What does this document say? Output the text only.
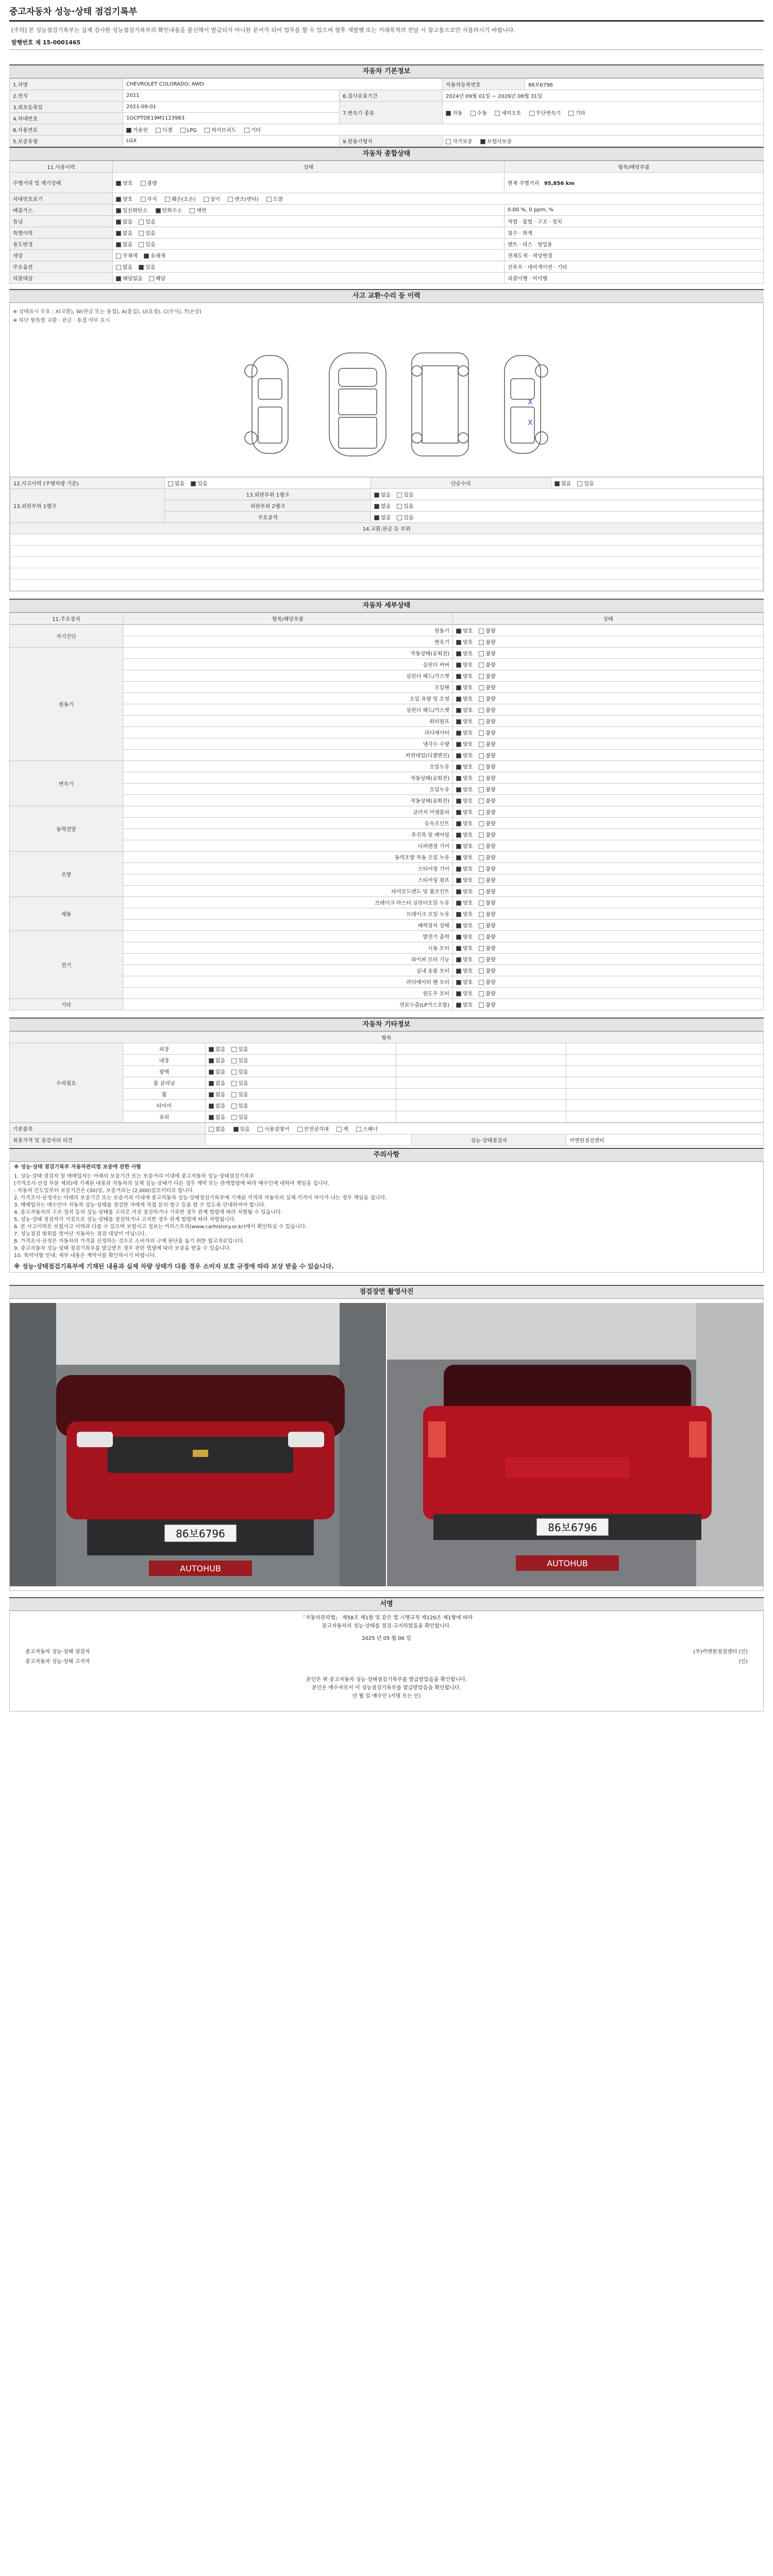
중고자동차 성능·상태 점검기록부
[주의] 본 성능점검기록부는 실제 검사한 성능점검기록부의 확인내용을 불신해서 발급되지 아니한 문서가 되어 업무를 할 수 있으며 향후 재발행 또는 거래목적의 전달 시 참고용으로만 사용하시기 바랍니다.
발행번호 제 15-0001465
자동차 기본정보
1.차명	CHEVROLET COLORADO, AWD		자동차등록번호	86보6796
2.연식	2021	6.검사유효기간	2024년 09월 01일 ~ 2026년 08월 31일	
3.최초등록일	2021-09-01	7.변속기 종류	자동 수동 세미오토 무단변속기 기타	
4.차대번호	1GCPTDE19M1123983			
8.사용연료	가솔린 디젤 LPG 하이브리드 기타			
5.보증유형	LGX	9.원동기형식	자가보증 보험사보증	
자동차 종합상태
11.사용이력	상태	항목/해당부품
주행거리 및 계기상태	양호 불량	현재 주행거리 95,856 km
차대번호표기	양호 부식 훼손(오손) 상이 변조(변타) 도말	
배출가스	일산화탄소 탄화수소 매연	0.00 %, 0 ppm, %
튜닝	없음 있음	적법 · 불법 · 구조 · 장치
특별이력	없음 있음	침수 · 화재
용도변경	없음 있음	렌트 · 리스 · 영업용
색상	무채색 유채색	전체도색 · 색상변경
주요옵션	없음 있음	선루프 · 네비게이션 · 기타
리콜대상	해당없음 해당	리콜이행 · 미이행
사고 교환·수리 등 이력
※ 상태표시 부호 : X(교환), W(판금 또는 용접), A(흠집), U(요철), C(부식), T(손상)
※ 하단 항목별 교환 · 판금 · 용접 여부 표시
X
X
12.사고이력 (주행차량 기준)	없음 있음	단순수리	없음 있음
13.외판부위 1랭크	13.외판부위 1랭크	없음 있음	
	외판부위 2랭크	없음 있음	
	주요골격	없음 있음	
14.교환,판금 등 부위			
자동차 세부상태
11.주요장치	항목/해당부품	상태
자기진단	원동기	양호 불량
	변속기	양호 불량
원동기	작동상태(공회전)	양호 불량
	실린더 커버	양호 불량
	실린더 헤드/가스켓	양호 불량
	오일팬	양호 불량
	오일 유량 및 오염	양호 불량
	실린더 헤드/가스켓	양호 불량
	워터펌프	양호 불량
	라디에이터	양호 불량
	냉각수 수량	양호 불량
	커먼레일(디젤엔진)	양호 불량
변속기	오일누유	양호 불량
	작동상태(공회전)	양호 불량
	오일누유	양호 불량
	작동상태(공회전)	양호 불량
동력전달	클러치 어셈블리	양호 불량
	등속조인트	양호 불량
	추진축 및 베어링	양호 불량
	디퍼렌셜 기어	양호 불량
조향	동력조향 작동 오일 누유	양호 불량
	스티어링 기어	양호 불량
	스티어링 펌프	양호 불량
	타이로드엔드 및 볼조인트	양호 불량
제동	브레이크 마스터 실린더오일 누유	양호 불량
	브레이크 오일 누유	양호 불량
	배력장치 상태	양호 불량
전기	발전기 출력	양호 불량
	시동 모터	양호 불량
	와이퍼 모터 기능	양호 불량
	실내 송풍 모터	양호 불량
	라디에이터 팬 모터	양호 불량
	윈도우 모터	양호 불량
기타	연료누출(LP가스포함)	양호 불량
자동차 기타정보
항목				
수리필요	외장	없음 있음		
	내장	없음 있음		
	광택	없음 있음		
	룸 클리닝	없음 있음		
	휠	없음 있음		
	타이어	없음 있음		
	유리	없음 있음		
기본품목	없음 있음 사용설명서 안전삼각대 잭 스패너		
최종가격 및 점검자의 의견		성능·상태점검자	카앤원점검센터
주의사항
※ 성능·상태 점검기록부 자동차관리법 보증에 관한 사항
1. 성능·상태 점검자 및 매매업자는 아래의 보증기간 또는 보증거리 이내에 중고자동차 성능·상태점검기록부
(가격조사·산정 부분 제외)에 기재된 내용과 자동차의 실제 성능·상태가 다른 경우 계약 또는 관계법령에 따라 매수인에 대하여 책임을 집니다.
- 자동차 인도일부터 보증기간은 (30)일, 보증거리는 (2,000)킬로미터로 합니다.
2. 가격조사·산정자는 아래의 보증기간 또는 보증거리 이내에 중고자동차 성능·상태점검기록부에 기재된 가격과 자동차의 실제 가격이 차이가 나는 경우 책임을 집니다.
3. 매매업자는 매수인이 자동차 성능·상태를 점검한 자에게 직접 문의·청구 등을 할 수 있도록 안내하여야 합니다.
4. 중고자동차의 구조·장치 등의 성능·상태를 고의로 거짓 점검하거나 기록한 경우 관계 법령에 따라 처벌될 수 있습니다.
5. 성능·상태 점검자가 거짓으로 성능·상태를 점검하거나 고지한 경우 관계 법령에 따라 처벌됩니다.
6. 본 사고이력은 보험사고 이력과 다를 수 있으며 보험사고 정보는 카히스토리(www.carhistory.or.kr)에서 확인하실 수 있습니다.
7. 성능점검 범위를 벗어난 자동차는 점검 대상이 아닙니다.
8. 가격조사·산정은 자동차의 가격을 산정하는 것으로 소비자의 구매 판단을 돕기 위한 참고자료입니다.
9. 중고자동차 성능·상태 점검기록부를 발급받은 경우 관련 법령에 따라 보증을 받을 수 있습니다.
10. 특약사항 안내: 세부 내용은 계약서를 확인하시기 바랍니다.
※ 성능·상태점검기록부에 기재된 내용과 실제 차량 상태가 다를 경우 소비자 보호 규정에 따라 보상 받을 수 있습니다.
점검장면 촬영사진
86보6796
AUTOHUB
86보6796
AUTOHUB
서명
「자동차관리법」 제58조 제1항 및 같은 법 시행규칙 제120조 제1항에 따라
중고자동차의 성능·상태를 점검·고지하였음을 확인합니다.
2025 년 05 월 06 일
중고자동차 성능·상태 점검자	(주)카앤원점검센터 (인)
중고자동차 성능·상태 고지자	(인)
본인은 위 중고자동차 성능·상태점검기록부를 발급받았음을 확인합니다.
본인은 매수자로서 이 성능점검기록부를 발급받았음을 확인합니다.
년 월 일 매수인 (서명 또는 인)
